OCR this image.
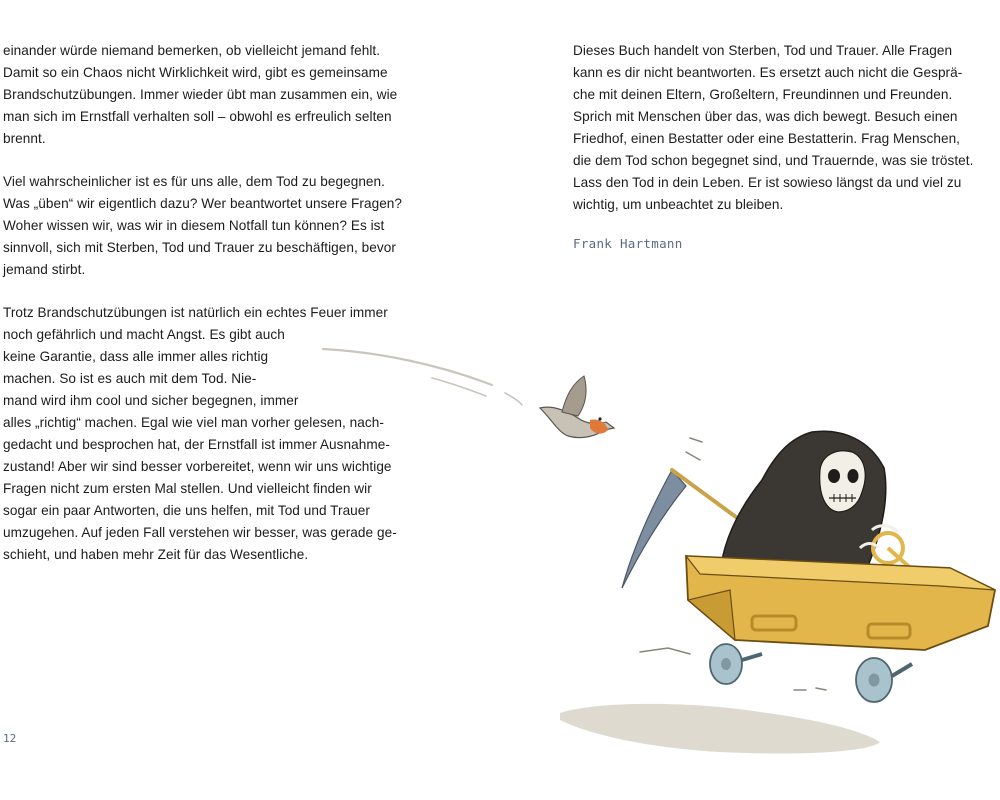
einander würde niemand bemerken, ob vielleicht jemand fehlt.
Damit so ein Chaos nicht Wirklichkeit wird, gibt es gemeinsame
Brandschutzübungen. Immer wieder übt man zusammen ein, wie
man sich im Ernstfall verhalten soll – obwohl es erfreulich selten
brennt.
Viel wahrscheinlicher ist es für uns alle, dem Tod zu begegnen.
Was „üben“ wir eigentlich dazu? Wer beantwortet unsere Fragen?
Woher wissen wir, was wir in diesem Notfall tun können? Es ist
sinnvoll, sich mit Sterben, Tod und Trauer zu beschäftigen, bevor
jemand stirbt.
Trotz Brandschutzübungen ist natürlich ein echtes Feuer immer
noch gefährlich und macht Angst. Es gibt auch
keine Garantie, dass alle immer alles richtig
machen. So ist es auch mit dem Tod. Nie-
mand wird ihm cool und sicher begegnen, immer
alles „richtig“ machen. Egal wie viel man vorher gelesen, nach-
gedacht und besprochen hat, der Ernstfall ist immer Ausnahme-
zustand! Aber wir sind besser vorbereitet, wenn wir uns wichtige
Fragen nicht zum ersten Mal stellen. Und vielleicht finden wir
sogar ein paar Antworten, die uns helfen, mit Tod und Trauer
umzugehen. Auf jeden Fall verstehen wir besser, was gerade ge-
schieht, und haben mehr Zeit für das Wesentliche.
12
Dieses Buch handelt von Sterben, Tod und Trauer. Alle Fragen
kann es dir nicht beantworten. Es ersetzt auch nicht die Gesprä-
che mit deinen Eltern, Großeltern, Freundinnen und Freunden.
Sprich mit Menschen über das, was dich bewegt. Besuch einen
Friedhof, einen Bestatter oder eine Bestatterin. Frag Menschen,
die dem Tod schon begegnet sind, und Trauernde, was sie tröstet.
Lass den Tod in dein Leben. Er ist sowieso längst da und viel zu
wichtig, um unbeachtet zu bleiben.
Frank Hartmann
